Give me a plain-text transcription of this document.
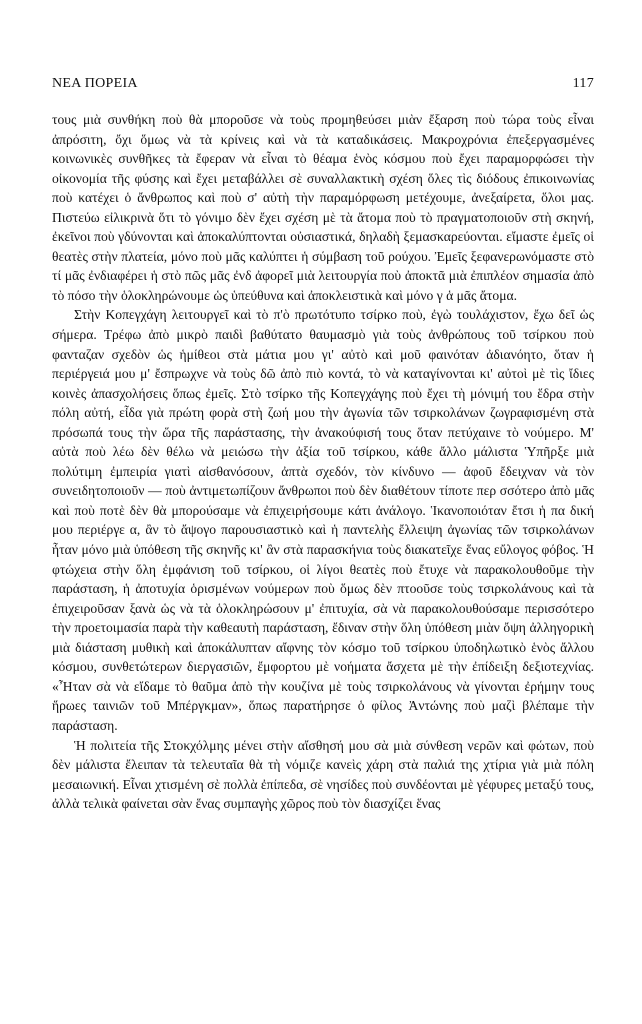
ΝΕΑ ΠΟΡΕΙΑ	117

τους μιὰ συνθήκη ποὺ θὰ μποροῦσε νὰ τοὺς προμηθεύσει μιὰν ἔξαρση ποὺ τώρα τοὺς εἶναι ἀπρόσιτη, ὄχι ὅμως νὰ τὰ κρίνεις καὶ νὰ τὰ καταδικάσεις. Μακροχρόνια ἐπεξεργασμένες κοινωνικὲς συνθῆκες τὰ ἔφεραν νὰ εἶναι τὸ θέαμα ἑνὸς κόσμου ποὺ ἔχει παραμορφώσει τὴν οἰκονομία τῆς φύσης καὶ ἔχει μεταβάλλει σὲ συναλλακτικὴ σχέση ὅλες τὶς διόδους ἐπικοινωνίας ποὺ κατέχει ὁ ἄνθρωπος καὶ ποὺ σ' αὐτὴ τὴν παραμόρφωση μετέχουμε, ἀνεξαίρετα, ὅλοι μας. Πιστεύω εἰλικρινὰ ὅτι τὸ γόνιμο δὲν ἔχει σχέση μὲ τὰ ἄτομα ποὺ τὸ πραγματοποιοῦν στὴ σκηνή, ἐκεῖνοι ποὺ γδύνονται καὶ ἀποκαλύπτονται οὐσιαστικά, δηλαδὴ ξεμασκαρεύονται. εἴμαστε ἐμεῖς οἱ θεατὲς στὴν πλατεία, μόνο ποὺ μᾶς καλύπτει ἡ σύμβαση τοῦ ρούχου. Ἐμεῖς ξεφανερωνόμαστε στὸ τί μᾶς ἐνδιαφέρει ἡ στὸ πῶς μᾶς ἐνδ ἀφορεῖ μιὰ λειτουργία ποὺ ἀποκτᾶ μιὰ ἐπιπλέον σημασία ἀπὸ τὸ πόσο τὴν ὁλοκληρώνουμε ὡς ὑπεύθυνα καὶ ἀποκλειστικὰ καὶ μόνο γ ἁ μᾶς ἄτομα.

Στὴν Κοπεγχάγη λειτουργεῖ καὶ τὸ π'ὸ πρωτότυπο τσίρκο ποὺ, ἐγὼ τουλάχιστον, ἔχω δεῖ ὡς σήμερα. Τρέφω ἀπὸ μικρὸ παιδὶ βαθύτατο θαυμασμὸ γιὰ τοὺς ἀνθρώπους τοῦ τσίρκου ποὺ φανταζαν σχεδὸν ὡς ἡμίθεοι στὰ μάτια μου γι' αὐτὸ καὶ μοῦ φαινόταν ἀδιανόητο, ὅταν ἡ περιέργειά μου μ' ἔσπρωχνε νὰ τοὺς δῶ ἀπὸ πιὸ κοντά, τὸ νὰ καταγίνονται κι' αὐτοὶ μὲ τὶς ἴδιες κοινὲς ἀπασχολήσεις ὅπως ἐμεῖς. Στὸ τσίρκο τῆς Κοπεγχάγης ποὺ ἔχει τὴ μόνιμή του ἕδρα στὴν πόλη αὐτή, εἶδα γιὰ πρώτη φορὰ στὴ ζωή μου τὴν ἀγωνία τῶν τσιρκολάνων ζωγραφισμένη στὰ πρόσωπά τους τὴν ὥρα τῆς παράστασης, τὴν ἀνακούφισή τους ὅταν πετύχαινε τὸ νούμερο. Μ' αὐτὰ ποὺ λέω δὲν θέλω νὰ μειώσω τὴν ἀξία τοῦ τσίρκου, κάθε ἄλλο μάλιστα Ὑπῆρξε μιὰ πολύτιμη ἐμπειρία γιατὶ αἰσθανόσουν, ἀπτὰ σχεδόν, τὸν κίνδυνο — ἀφοῦ ἔδειχναν νὰ τὸν συνειδητοποιοῦν — ποὺ ἀντιμετωπίζουν ἄνθρωποι ποὺ δὲν διαθέτουν τίποτε περ σσότερο ἀπὸ μᾶς καὶ ποὺ ποτὲ δὲν θὰ μπορούσαμε νὰ ἐπιχειρήσουμε κάτι ἀνάλογο. Ἱκανοποιόταν ἔτσι ἡ πα δική μου περιέργε α, ἂν τὸ ἄψογο παρουσιαστικὸ καὶ ἡ παντελὴς ἔλλειψη ἀγωνίας τῶν τσιρκολάνων ἦταν μόνο μιὰ ὑπόθεση τῆς σκηνῆς κι' ἂν στὰ παρασκήνια τοὺς διακατεῖχε ἕνας εὔλογος φόβος. Ἡ φτώχεια στὴν ὅλη ἐμφάνιση τοῦ τσίρκου, οἱ λίγοι θεατὲς ποὺ ἔτυχε νὰ παρακολουθοῦμε τὴν παράσταση, ἡ ἀποτυχία ὁρισμένων νούμερων ποὺ ὅμως δὲν πτοοῦσε τοὺς τσιρκολάνους καὶ τὰ ἐπιχειροῦσαν ξανὰ ὡς νὰ τὰ ὁλοκληρώσουν μ' ἐπιτυχία, σὰ νὰ παρακολουθούσαμε περισσότερο τὴν προετοιμασία παρὰ τὴν καθεαυτὴ παράσταση, ἔδιναν στὴν ὅλη ὑπόθεση μιὰν ὄψη ἀλληγορικὴ μιὰ διάσταση μυθικὴ καὶ ἀποκάλυπταν αἴφνης τὸν κόσμο τοῦ τσίρκου ὑποδηλωτικὸ ἑνὸς ἄλλου κόσμου, συνθετώτερων διεργασιῶν, ἔμφορτου μὲ νοήματα ἄσχετα μὲ τὴν ἐπίδειξη δεξιοτεχνίας. «Ἦταν σὰ νὰ εἴδαμε τὸ θαῦμα ἀπὸ τὴν κουζίνα μὲ τοὺς τσιρκολάνους νὰ γίνονται ἐρήμην τους ἥρωες ταινιῶν τοῦ Μπέργκμαν», ὅπως παρατήρησε ὁ φίλος Ἀντώνης ποὺ μαζὶ βλέπαμε τὴν παράσταση.

Ἡ πολιτεία τῆς Στοκχόλμης μένει στὴν αἴσθησή μου σὰ μιὰ σύνθεση νερῶν καὶ φώτων, ποὺ δὲν μάλιστα ἔλειπαν τὰ τελευταῖα θὰ τὴ νόμιζε κανεὶς χάρη στὰ παλιά της χτίρια γιὰ μιὰ πόλη μεσαιωνική. Εἶναι χτισμένη σὲ πολλὰ ἐπίπεδα, σὲ νησίδες ποὺ συνδέονται μὲ γέφυρες μεταξύ τους, ἀλλὰ τελικὰ φαίνεται σὰν ἕνας συμπαγὴς χῶρος ποὺ τὸν διασχίζει ἕνας
